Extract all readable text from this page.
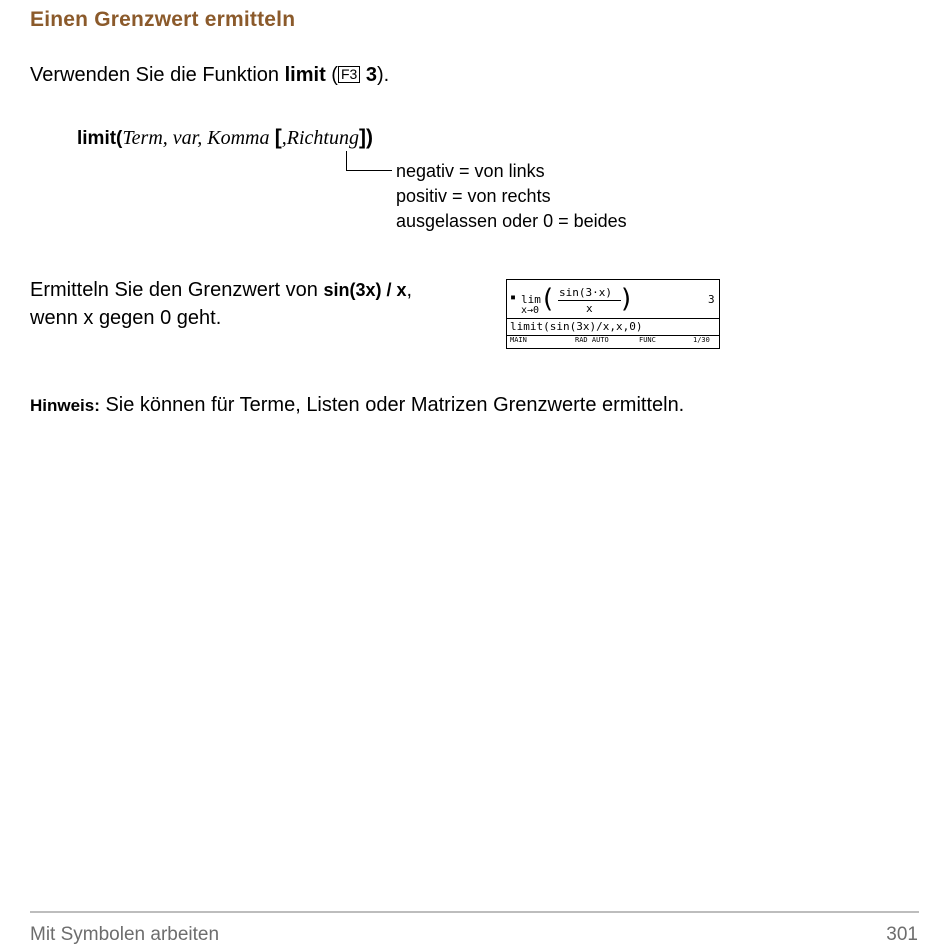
Einen Grenzwert ermitteln
Verwenden Sie die Funktion limit ( F3 3).
limit(Term, var, Komma [,Richtung])
negativ = von links
positiv = von rechts
ausgelassen oder 0 = beides
Ermitteln Sie den Grenzwert von sin(3x) / x,
wenn x gegen 0 geht.
▪ lim
x→0 ( sin(3·x)
x )	3
limit(sin(3x)/x,x,0)
MAIN	RAD AUTO	FUNC	1/30
Hinweis: Sie können für Terme, Listen oder Matrizen Grenzwerte ermitteln.
Mit Symbolen arbeiten	301
